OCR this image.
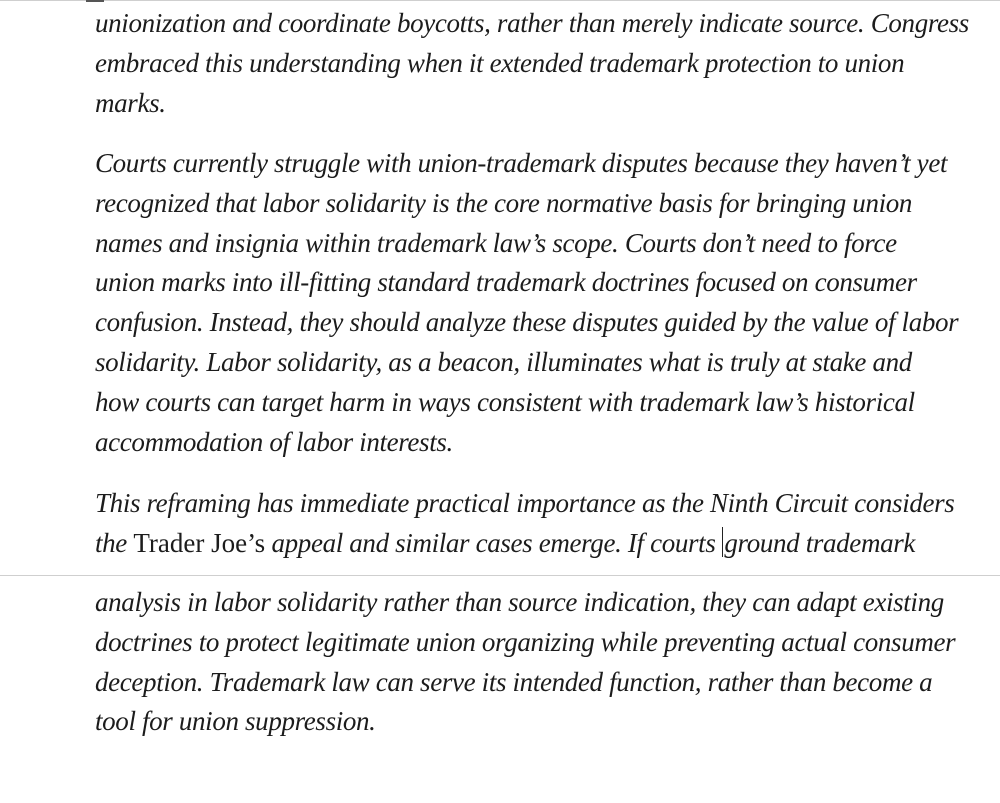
unionization and coordinate boycotts, rather than merely indicate source. Congress
embraced this understanding when it extended trademark protection to union
marks.
Courts currently struggle with union-trademark disputes because they haven’t yet
recognized that labor solidarity is the core normative basis for bringing union
names and insignia within trademark law’s scope. Courts don’t need to force
union marks into ill-fitting standard trademark doctrines focused on consumer
confusion. Instead, they should analyze these disputes guided by the value of labor
solidarity. Labor solidarity, as a beacon, illuminates what is truly at stake and
how courts can target harm in ways consistent with trademark law’s historical
accommodation of labor interests.
This reframing has immediate practical importance as the Ninth Circuit considers
the Trader Joe’s appeal and similar cases emerge. If courts ground trademark
analysis in labor solidarity rather than source indication, they can adapt existing
doctrines to protect legitimate union organizing while preventing actual consumer
deception. Trademark law can serve its intended function, rather than become a
tool for union suppression.
